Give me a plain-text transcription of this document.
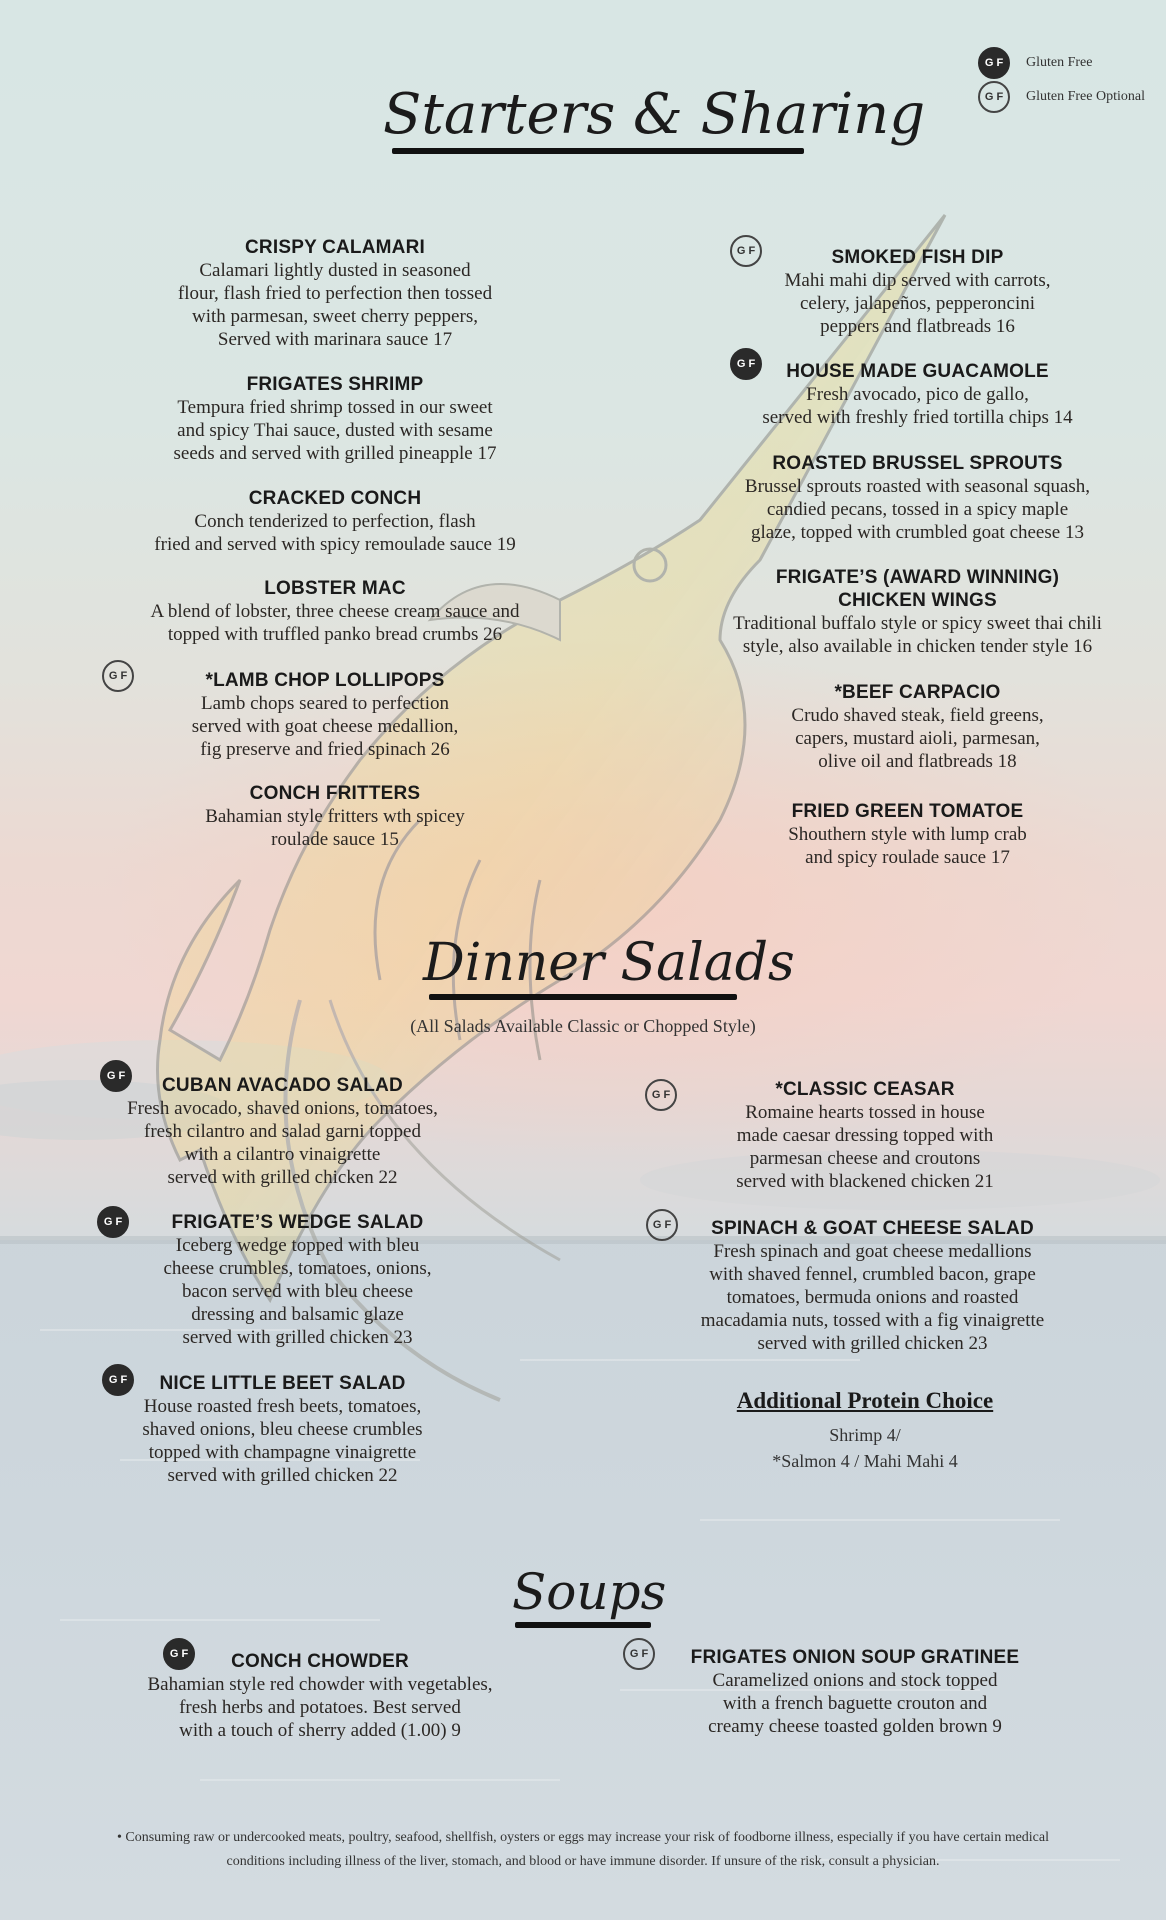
G F	Gluten Free
G F	Gluten Free Optional
Starters & Sharing
CRISPY CALAMARI
Calamari lightly dusted in seasoned
flour, flash fried to perfection then tossed
with parmesan, sweet cherry peppers,
Served with marinara sauce 17
FRIGATES SHRIMP
Tempura fried shrimp tossed in our sweet
and spicy Thai sauce, dusted with sesame
seeds and served with grilled pineapple 17
CRACKED CONCH
Conch tenderized to perfection, flash
fried and served with spicy remoulade sauce 19
LOBSTER MAC
A blend of lobster, three cheese cream sauce and
topped with truffled panko bread crumbs 26
G F	*LAMB CHOP LOLLIPOPS
Lamb chops seared to perfection
served with goat cheese medallion,
fig preserve and fried spinach 26
CONCH FRITTERS
Bahamian style fritters wth spicey
roulade sauce 15
G F	SMOKED FISH DIP
Mahi mahi dip served with carrots,
celery, jalapeños, pepperoncini
peppers and flatbreads 16
G F	HOUSE MADE GUACAMOLE
Fresh avocado, pico de gallo,
served with freshly fried tortilla chips 14
ROASTED BRUSSEL SPROUTS
Brussel sprouts roasted with seasonal squash,
candied pecans, tossed in a spicy maple
glaze, topped with crumbled goat cheese 13
FRIGATE’S (AWARD WINNING)
CHICKEN WINGS
Traditional buffalo style or spicy sweet thai chili
style, also available in chicken tender style 16
*BEEF CARPACIO
Crudo shaved steak, field greens,
capers, mustard aioli, parmesan,
olive oil and flatbreads 18
FRIED GREEN TOMATOE
Shouthern style with lump crab
and spicy roulade sauce 17
Dinner Salads
(All Salads Available Classic or Chopped Style)
G F	CUBAN AVACADO SALAD
Fresh avocado, shaved onions, tomatoes,
fresh cilantro and salad garni topped
with a cilantro vinaigrette
served with grilled chicken 22
G F	FRIGATE’S WEDGE SALAD
Iceberg wedge topped with bleu
cheese crumbles, tomatoes, onions,
bacon served with bleu cheese
dressing and balsamic glaze
served with grilled chicken 23
G F	NICE LITTLE BEET SALAD
House roasted fresh beets, tomatoes,
shaved onions, bleu cheese crumbles
topped with champagne vinaigrette
served with grilled chicken 22
G F	*CLASSIC CEASAR
Romaine hearts tossed in house
made caesar dressing topped with
parmesan cheese and croutons
served with blackened chicken 21
G F	SPINACH & GOAT CHEESE SALAD
Fresh spinach and goat cheese medallions
with shaved fennel, crumbled bacon, grape
tomatoes, bermuda onions and roasted
macadamia nuts, tossed with a fig vinaigrette
served with grilled chicken 23
Additional Protein Choice
Shrimp 4/
*Salmon 4 / Mahi Mahi 4
Soups
G F	CONCH CHOWDER
Bahamian style red chowder with vegetables,
fresh herbs and potatoes. Best served
with a touch of sherry added (1.00) 9
G F	FRIGATES ONION SOUP GRATINEE
Caramelized onions and stock topped
with a french baguette crouton and
creamy cheese toasted golden brown 9
• Consuming raw or undercooked meats, poultry, seafood, shellfish, oysters or eggs may increase your risk of foodborne illness, especially if you have certain medical conditions including illness of the liver, stomach, and blood or have immune disorder. If unsure of the risk, consult a physician.
